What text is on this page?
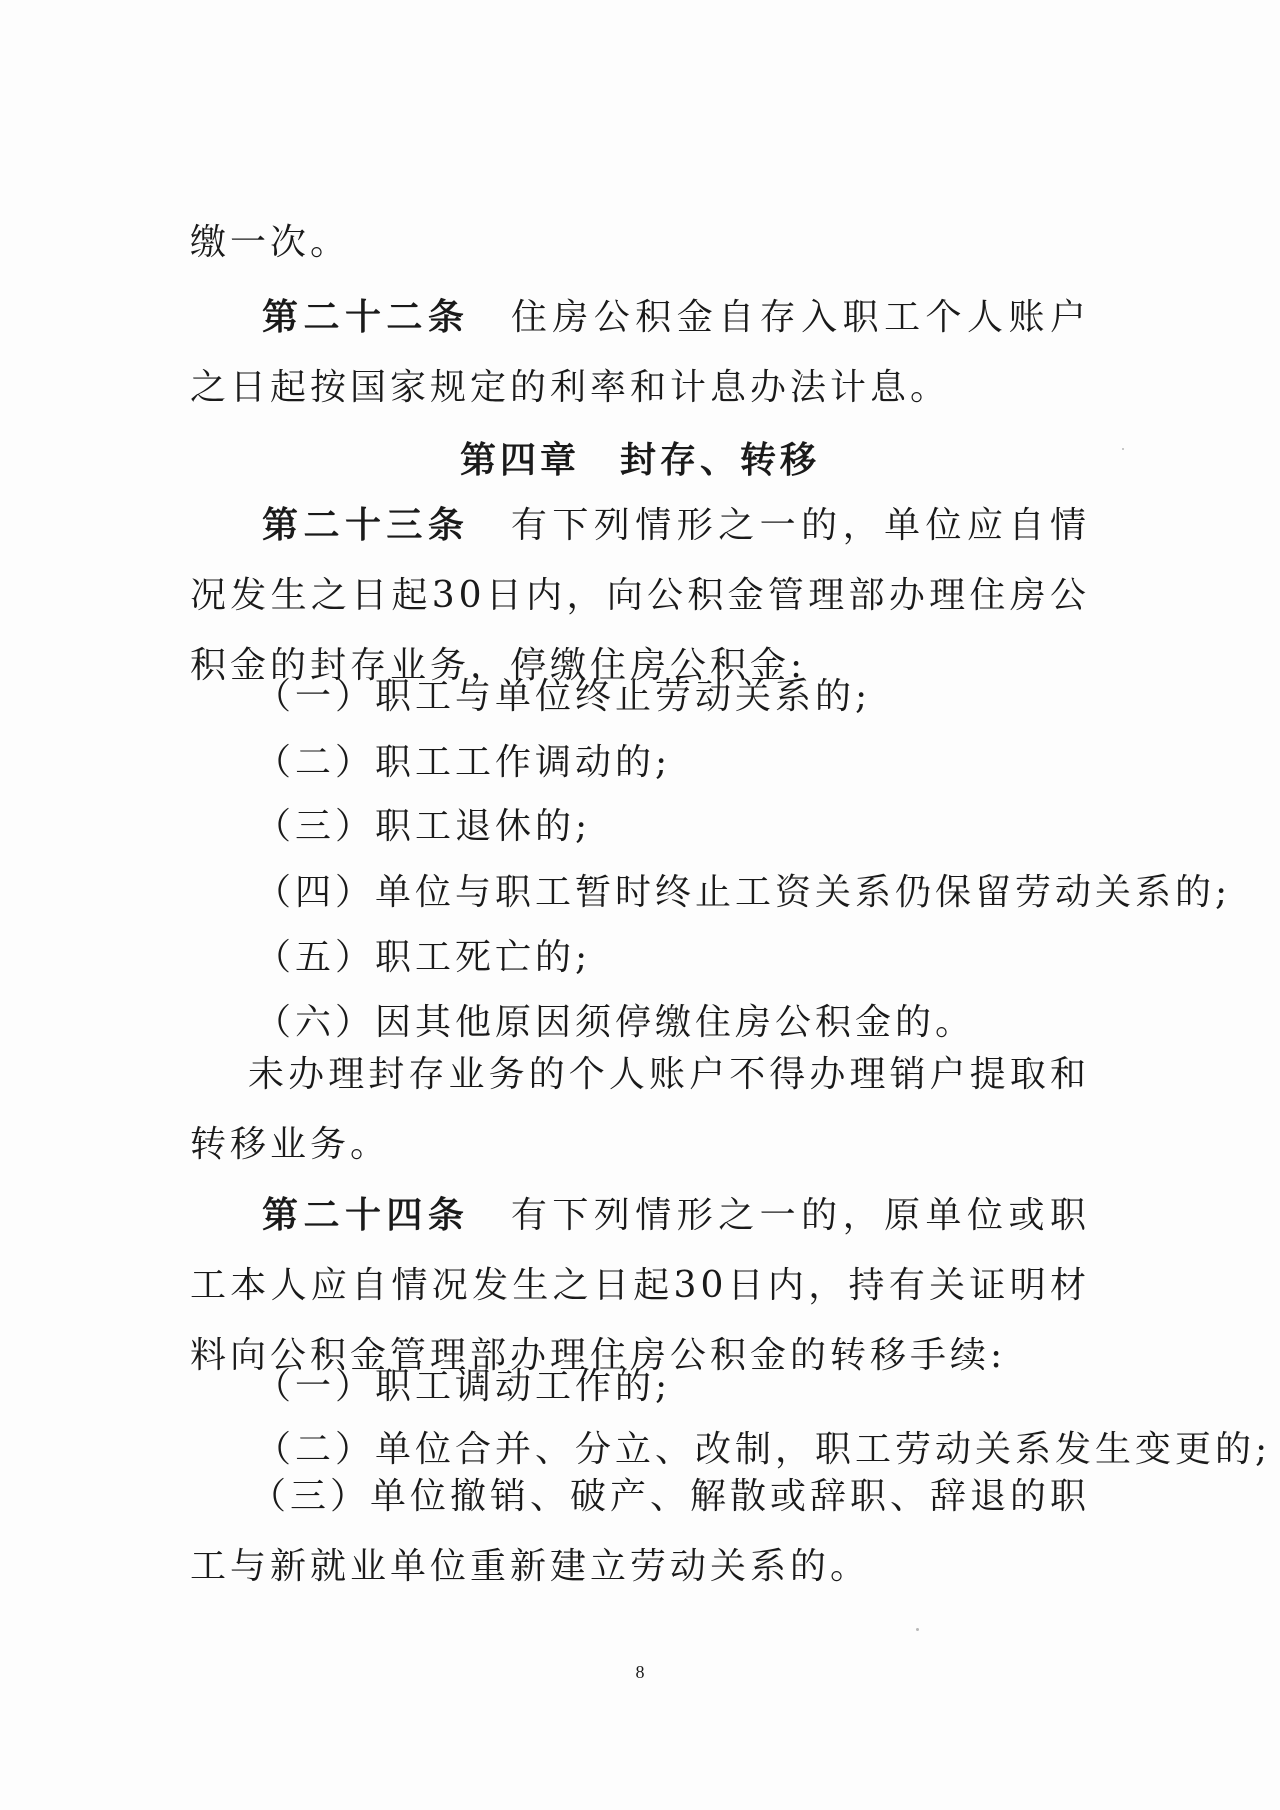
缴一次。

第二十二条　 住房公积金自存入职工个人账户之日起按国家规定的利率和计息办法计息。

第四章　封存、转移

第二十三条　 有下列情形之一的，单位应自情况发生之日起30日内，向公积金管理部办理住房公积金的封存业务，停缴住房公积金:

（一）职工与单位终止劳动关系的;

（二）职工工作调动的;

（三）职工退休的;

（四）单位与职工暂时终止工资关系仍保留劳动关系的;

（五）职工死亡的;

（六）因其他原因须停缴住房公积金的。

未办理封存业务的个人账户不得办理销户提取和转移业务。

第二十四条　 有下列情形之一的，原单位或职工本人应自情况发生之日起30日内，持有关证明材料向公积金管理部办理住房公积金的转移手续:

（一）职工调动工作的;

（二）单位合并、分立、改制，职工劳动关系发生变更的;

（三）单位撤销、破产、解散或辞职、辞退的职工与新就业单位重新建立劳动关系的。

8
